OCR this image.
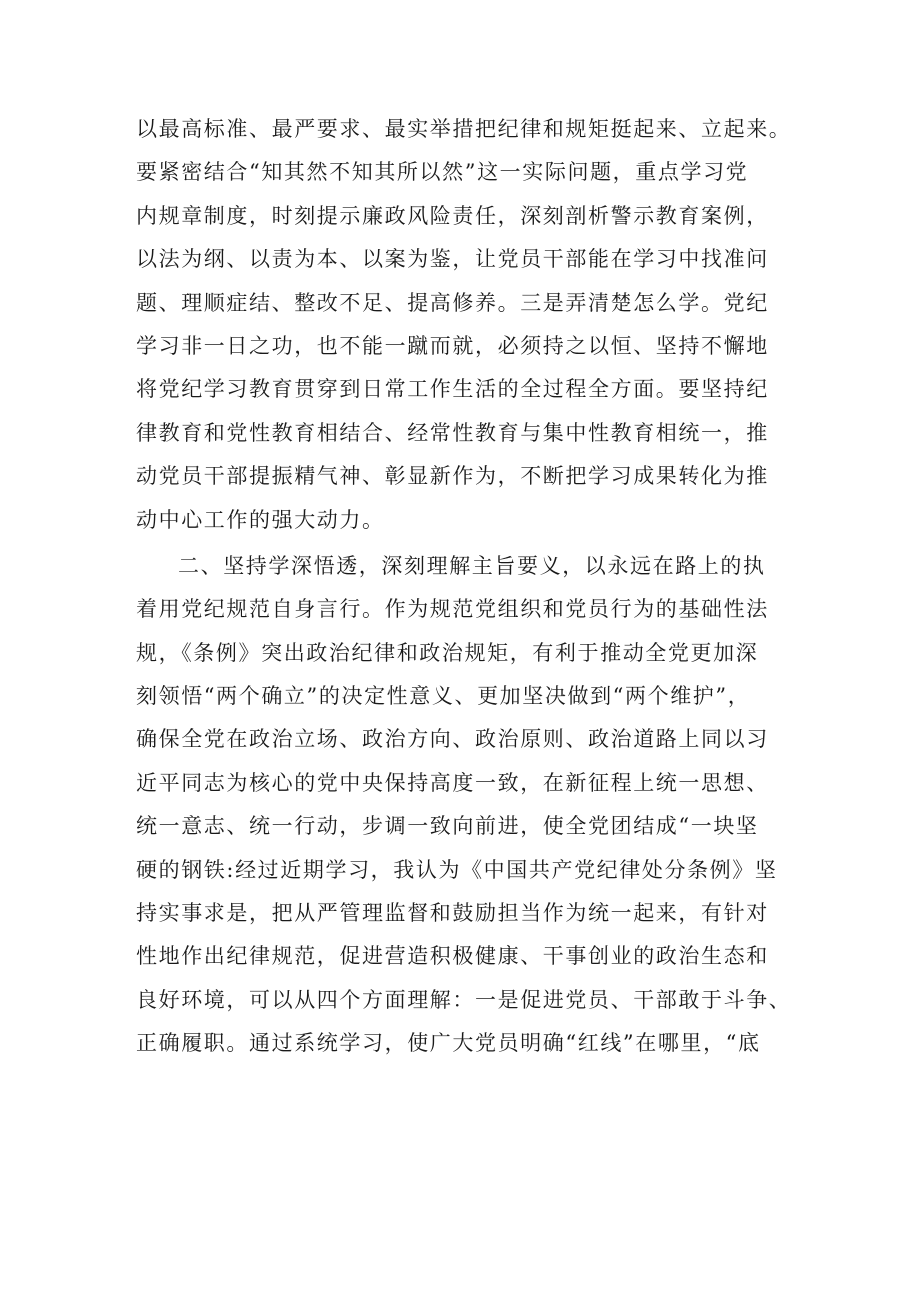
以最高标准、最严要求、最实举措把纪律和规矩挺起来、立起来。
要紧密结合“知其然不知其所以然”这一实际问题，重点学习党
内规章制度，时刻提示廉政风险责任，深刻剖析警示教育案例，
以法为纲、以责为本、以案为鉴，让党员干部能在学习中找准问
题、理顺症结、整改不足、提高修养。三是弄清楚怎么学。党纪
学习非一日之功，也不能一蹴而就，必须持之以恒、坚持不懈地
将党纪学习教育贯穿到日常工作生活的全过程全方面。要坚持纪
律教育和党性教育相结合、经常性教育与集中性教育相统一，推
动党员干部提振精气神、彰显新作为，不断把学习成果转化为推
动中心工作的强大动力。
二、坚持学深悟透，深刻理解主旨要义，以永远在路上的执
着用党纪规范自身言行。作为规范党组织和党员行为的基础性法
规，《条例》突出政治纪律和政治规矩，有利于推动全党更加深
刻领悟“两个确立”的决定性意义、更加坚决做到“两个维护”，
确保全党在政治立场、政治方向、政治原则、政治道路上同以习
近平同志为核心的党中央保持高度一致，在新征程上统一思想、
统一意志、统一行动，步调一致向前进，使全党团结成“一块坚
硬的钢铁:经过近期学习，我认为《中国共产党纪律处分条例》坚
持实事求是，把从严管理监督和鼓励担当作为统一起来，有针对
性地作出纪律规范，促进营造积极健康、干事创业的政治生态和
良好环境，可以从四个方面理解：一是促进党员、干部敢于斗争、
正确履职。通过系统学习，使广大党员明确“红线”在哪里，“底
